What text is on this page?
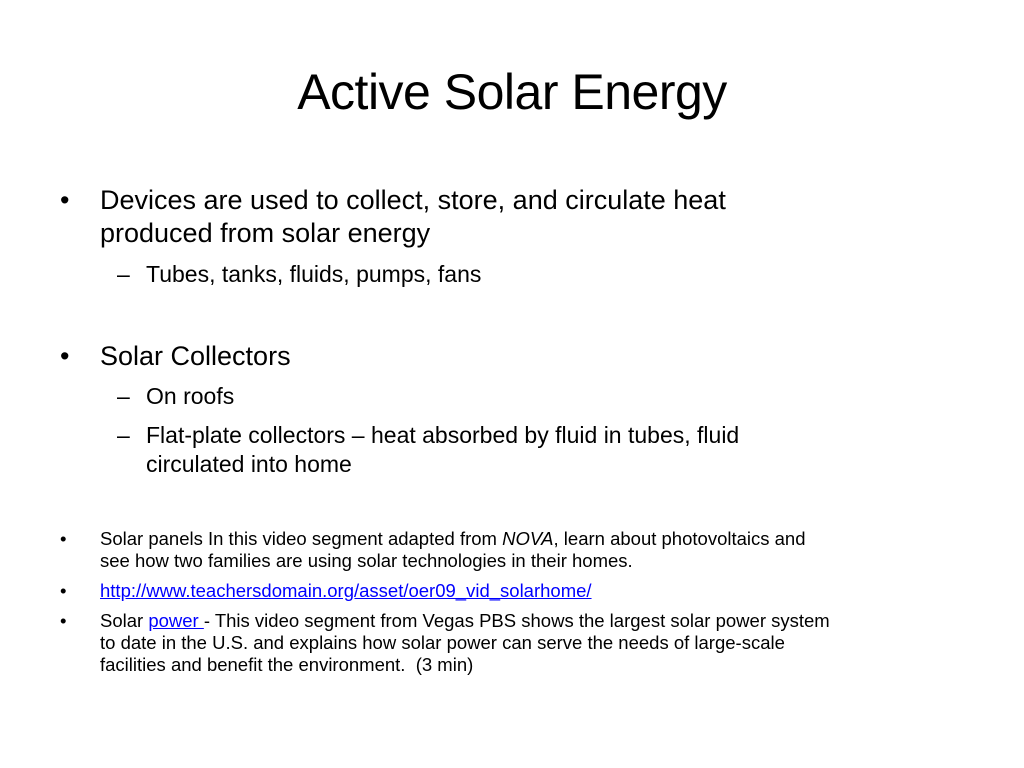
Active Solar Energy
• Devices are used to collect, store, and circulate heat
produced from solar energy
– Tubes, tanks, fluids, pumps, fans
• Solar Collectors
– On roofs
– Flat-plate collectors – heat absorbed by fluid in tubes, fluid
circulated into home
• Solar panels In this video segment adapted from NOVA, learn about photovoltaics and
see how two families are using solar technologies in their homes.
• http://www.teachersdomain.org/asset/oer09_vid_solarhome/
• Solar power - This video segment from Vegas PBS shows the largest solar power system
to date in the U.S. and explains how solar power can serve the needs of large-scale
facilities and benefit the environment.  (3 min)
